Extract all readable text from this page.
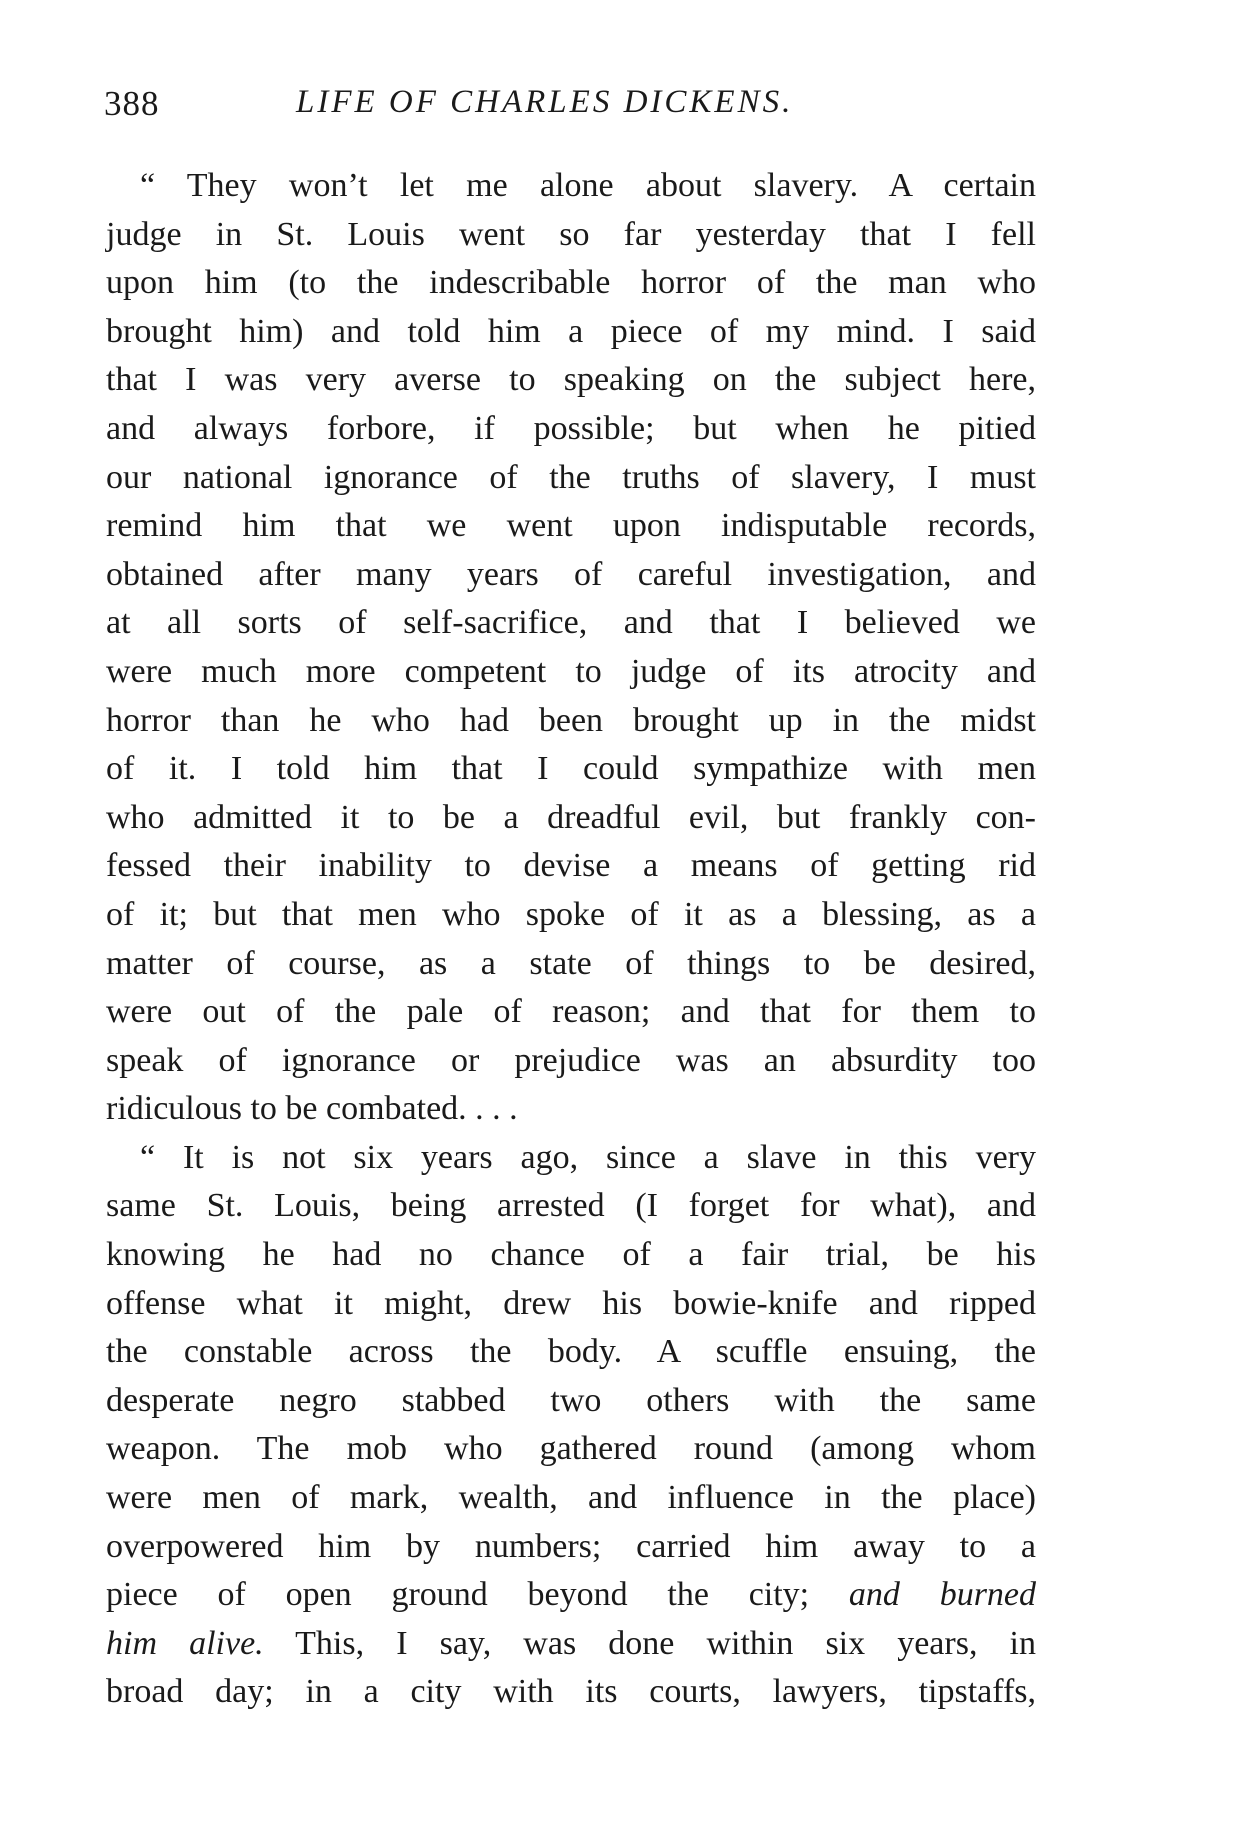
388	LIFE OF CHARLES DICKENS.
“ They won’t let me alone about slavery. A certain
judge in St. Louis went so far yesterday that I fell
upon him (to the indescribable horror of the man who
brought him) and told him a piece of my mind. I said
that I was very averse to speaking on the subject here,
and always forbore, if possible; but when he pitied
our national ignorance of the truths of slavery, I must
remind him that we went upon indisputable records,
obtained after many years of careful investigation, and
at all sorts of self-sacrifice, and that I believed we
were much more competent to judge of its atrocity and
horror than he who had been brought up in the midst
of it. I told him that I could sympathize with men
who admitted it to be a dreadful evil, but frankly con-
fessed their inability to devise a means of getting rid
of it; but that men who spoke of it as a blessing, as a
matter of course, as a state of things to be desired,
were out of the pale of reason; and that for them to
speak of ignorance or prejudice was an absurdity too
ridiculous to be combated. . . .
“ It is not six years ago, since a slave in this very
same St. Louis, being arrested (I forget for what), and
knowing he had no chance of a fair trial, be his
offense what it might, drew his bowie-knife and ripped
the constable across the body. A scuffle ensuing, the
desperate negro stabbed two others with the same
weapon. The mob who gathered round (among whom
were men of mark, wealth, and influence in the place)
overpowered him by numbers; carried him away to a
piece of open ground beyond the city; and burned
him alive. This, I say, was done within six years, in
broad day; in a city with its courts, lawyers, tipstaffs,
